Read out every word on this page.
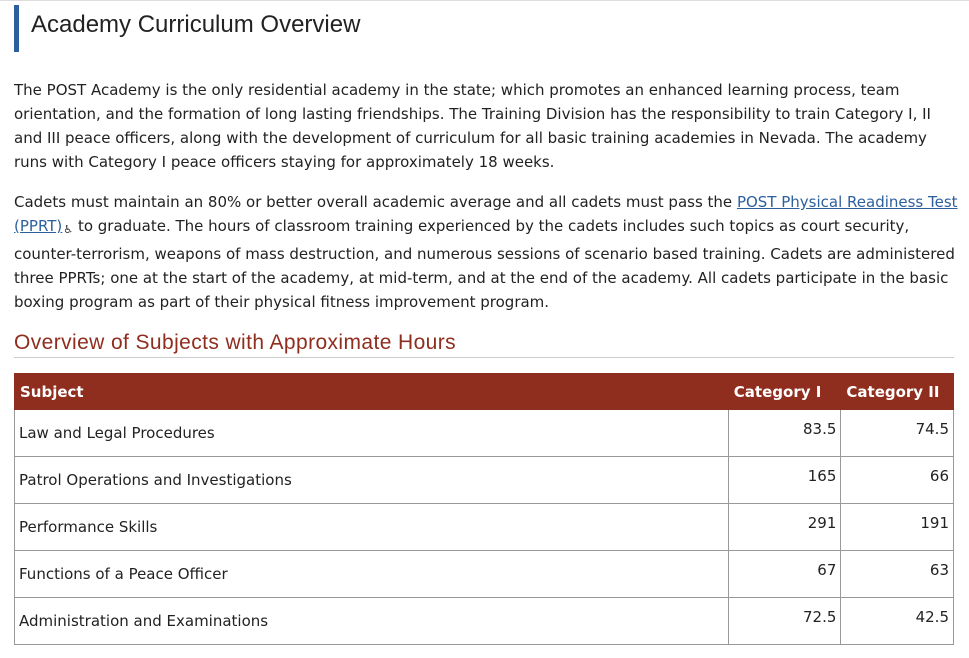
Academy Curriculum Overview

The POST Academy is the only residential academy in the state; which promotes an enhanced learning process, team orientation, and the formation of long lasting friendships. The Training Division has the responsibility to train Category I, II and III peace officers, along with the development of curriculum for all basic training academies in Nevada. The academy runs with Category I peace officers staying for approximately 18 weeks.

Cadets must maintain an 80% or better overall academic average and all cadets must pass the POST Physical Readiness Test (PPRT)♿ to graduate. The hours of classroom training experienced by the cadets includes such topics as court security, counter-terrorism, weapons of mass destruction, and numerous sessions of scenario based training. Cadets are administered three PPRTs; one at the start of the academy, at mid-term, and at the end of the academy. All cadets participate in the basic boxing program as part of their physical fitness improvement program.

Overview of Subjects with Approximate Hours
Subject	Category I	Category II
Law and Legal Procedures	83.5	74.5
Patrol Operations and Investigations	165	66
Performance Skills	291	191
Functions of a Peace Officer	67	63
Administration and Examinations	72.5	42.5
